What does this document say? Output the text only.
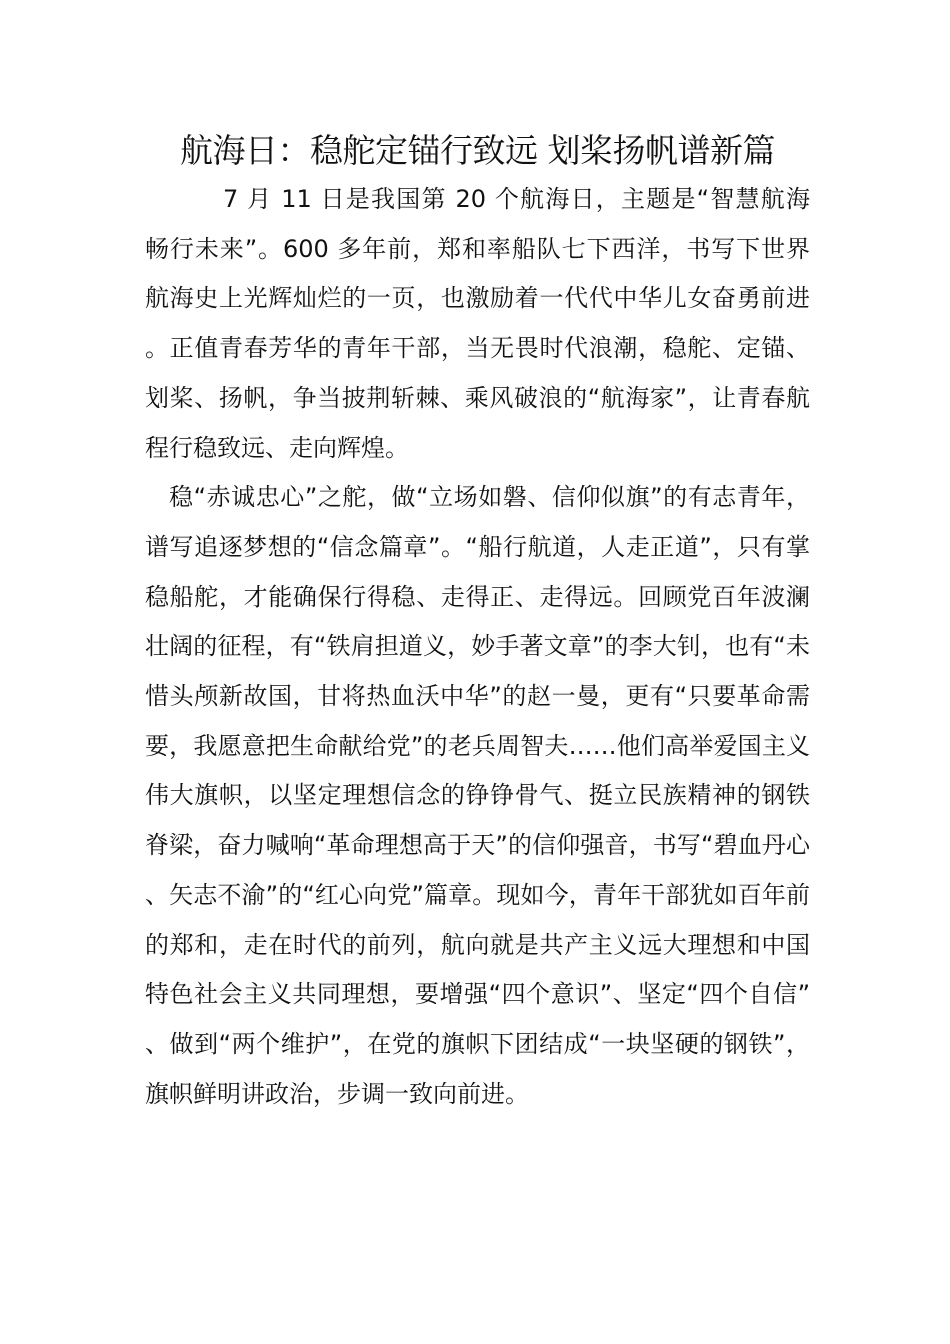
航海日：稳舵定锚行致远 划桨扬帆谱新篇

7 月 11 日是我国第 20 个航海日，主题是“智慧航海 畅行未来”。600 多年前，郑和率船队七下西洋，书写下世界航海史上光辉灿烂的一页，也激励着一代代中华儿女奋勇前进。正值青春芳华的青年干部，当无畏时代浪潮，稳舵、定锚、划桨、扬帆，争当披荆斩棘、乘风破浪的“航海家”，让青春航程行稳致远、走向辉煌。

稳“赤诚忠心”之舵，做“立场如磐、信仰似旗”的有志青年，谱写追逐梦想的“信念篇章”。“船行航道，人走正道”，只有掌稳船舵，才能确保行得稳、走得正、走得远。回顾党百年波澜壮阔的征程，有“铁肩担道义，妙手著文章”的李大钊，也有“未惜头颅新故国，甘将热血沃中华”的赵一曼，更有“只要革命需要，我愿意把生命献给党”的老兵周智夫……他们高举爱国主义伟大旗帜，以坚定理想信念的铮铮骨气、挺立民族精神的钢铁脊梁，奋力喊响“革命理想高于天”的信仰强音，书写“碧血丹心、矢志不渝”的“红心向党”篇章。现如今，青年干部犹如百年前的郑和，走在时代的前列，航向就是共产主义远大理想和中国特色社会主义共同理想，要增强“四个意识”、坚定“四个自信”、做到“两个维护”，在党的旗帜下团结成“一块坚硬的钢铁”，旗帜鲜明讲政治，步调一致向前进。
